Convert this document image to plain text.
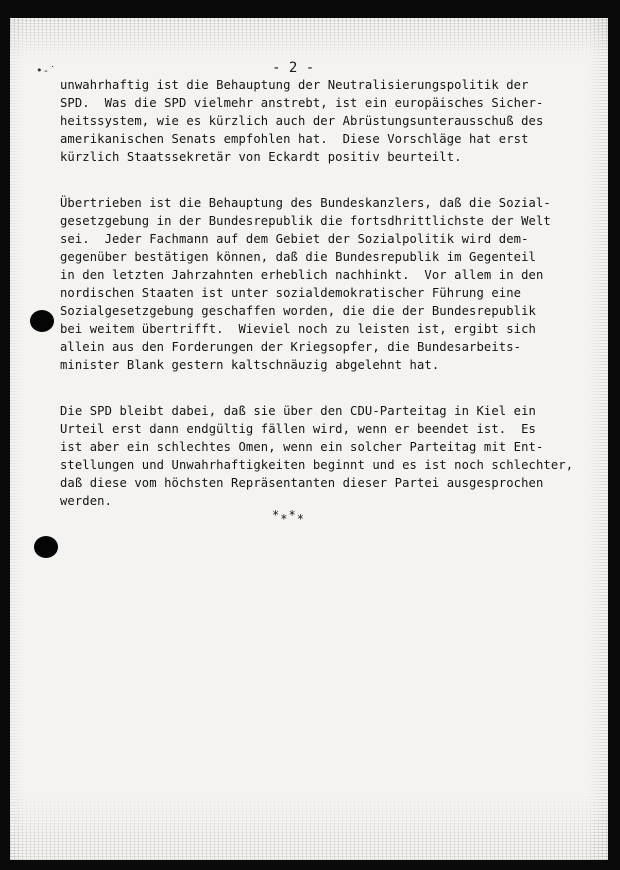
•-˙	- 2 -

unwahrhaftig ist die Behauptung der Neutralisierungspolitik der
SPD.  Was die SPD vielmehr anstrebt, ist ein europäisches Sicher-
heitssystem, wie es kürzlich auch der Abrüstungsunterausschuß des
amerikanischen Senats empfohlen hat.  Diese Vorschläge hat erst
kürzlich Staatssekretär von Eckardt positiv beurteilt.

Übertrieben ist die Behauptung des Bundeskanzlers, daß die Sozial-
gesetzgebung in der Bundesrepublik die fortsdhrittlichste der Welt
sei.  Jeder Fachmann auf dem Gebiet der Sozialpolitik wird dem-
gegenüber bestätigen können, daß die Bundesrepublik im Gegenteil
in den letzten Jahrzahnten erheblich nachhinkt.  Vor allem in den
nordischen Staaten ist unter sozialdemokratischer Führung eine
Sozialgesetzgebung geschaffen worden, die die der Bundesrepublik
bei weitem übertrifft.  Wieviel noch zu leisten ist, ergibt sich
allein aus den Forderungen der Kriegsopfer, die Bundesarbeits-
minister Blank gestern kaltschnäuzig abgelehnt hat.

Die SPD bleibt dabei, daß sie über den CDU-Parteitag in Kiel ein
Urteil erst dann endgültig fällen wird, wenn er beendet ist.  Es
ist aber ein schlechtes Omen, wenn ein solcher Parteitag mit Ent-
stellungen und Unwahrhaftigkeiten beginnt und es ist noch schlechter,
daß diese vom höchsten Repräsentanten dieser Partei ausgesprochen
werden.

****
